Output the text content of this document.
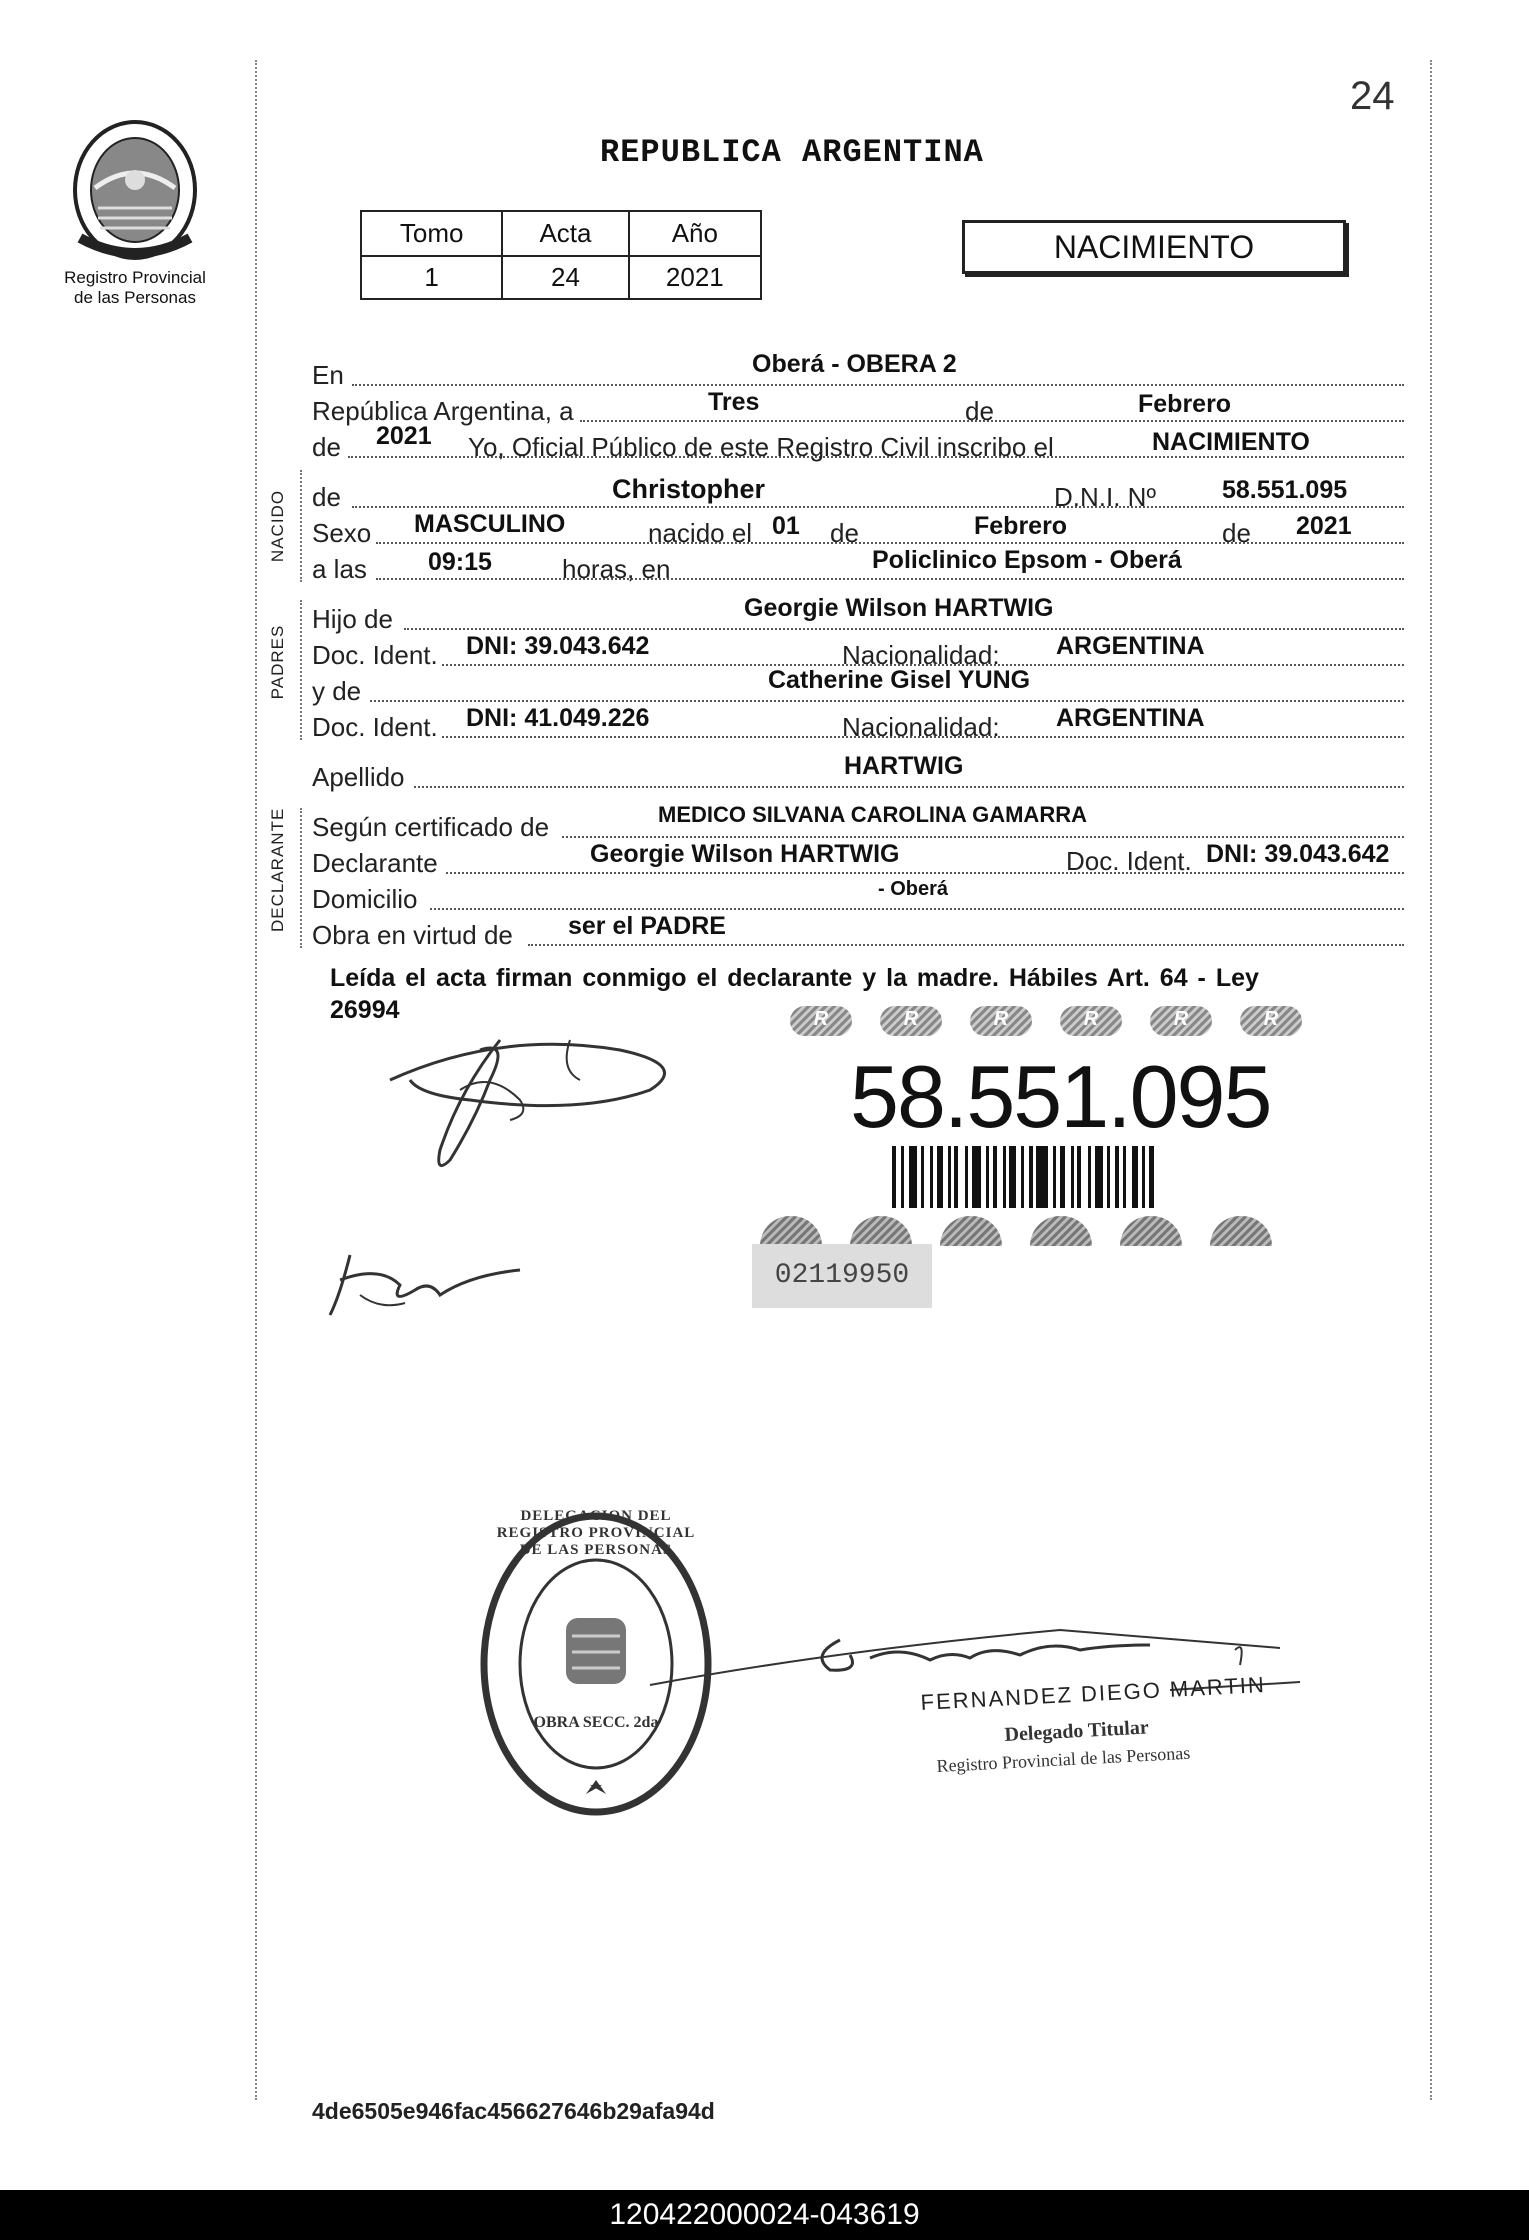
24
Registro Provincial
de las Personas
REPUBLICA ARGENTINA
Tomo	Acta	Año
1	24	2021
NACIMIENTO
NACIDO
PADRES
DECLARANTE
En	Oberá - OBERA 2
República Argentina, a	Tres	de	Febrero
de 2021 Yo, Oficial Público de este Registro Civil inscribo el	NACIMIENTO
de	Christopher	D.N.I. Nº	58.551.095
Sexo MASCULINO	nacido el 01 de	Febrero	de 2021
a las 09:15	horas, en	Policlinico Epsom - Oberá
Hijo de	Georgie Wilson HARTWIG
Doc. Ident. DNI: 39.043.642	Nacionalidad: ARGENTINA
y de	Catherine Gisel YUNG
Doc. Ident. DNI: 41.049.226	Nacionalidad: ARGENTINA
Apellido	HARTWIG
Según certificado de	MEDICO SILVANA CAROLINA GAMARRA
Declarante	Georgie Wilson HARTWIG	Doc. Ident. DNI: 39.043.642
Domicilio	- Oberá
Obra en virtud de ser el PADRE
Leída el acta firman conmigo el declarante y la madre. Hábiles Art. 64 - Ley
26994	R	R	R	R	R	R
58.551.095
02119950
DELEGACION DEL REGISTRO PROVINCIAL DE LAS PERSONAS
OBRA SECC. 2da
FERNANDEZ DIEGO MARTIN
Delegado Titular
Registro Provincial de las Personas
4de6505e946fac456627646b29afa94d
120422000024-043619
